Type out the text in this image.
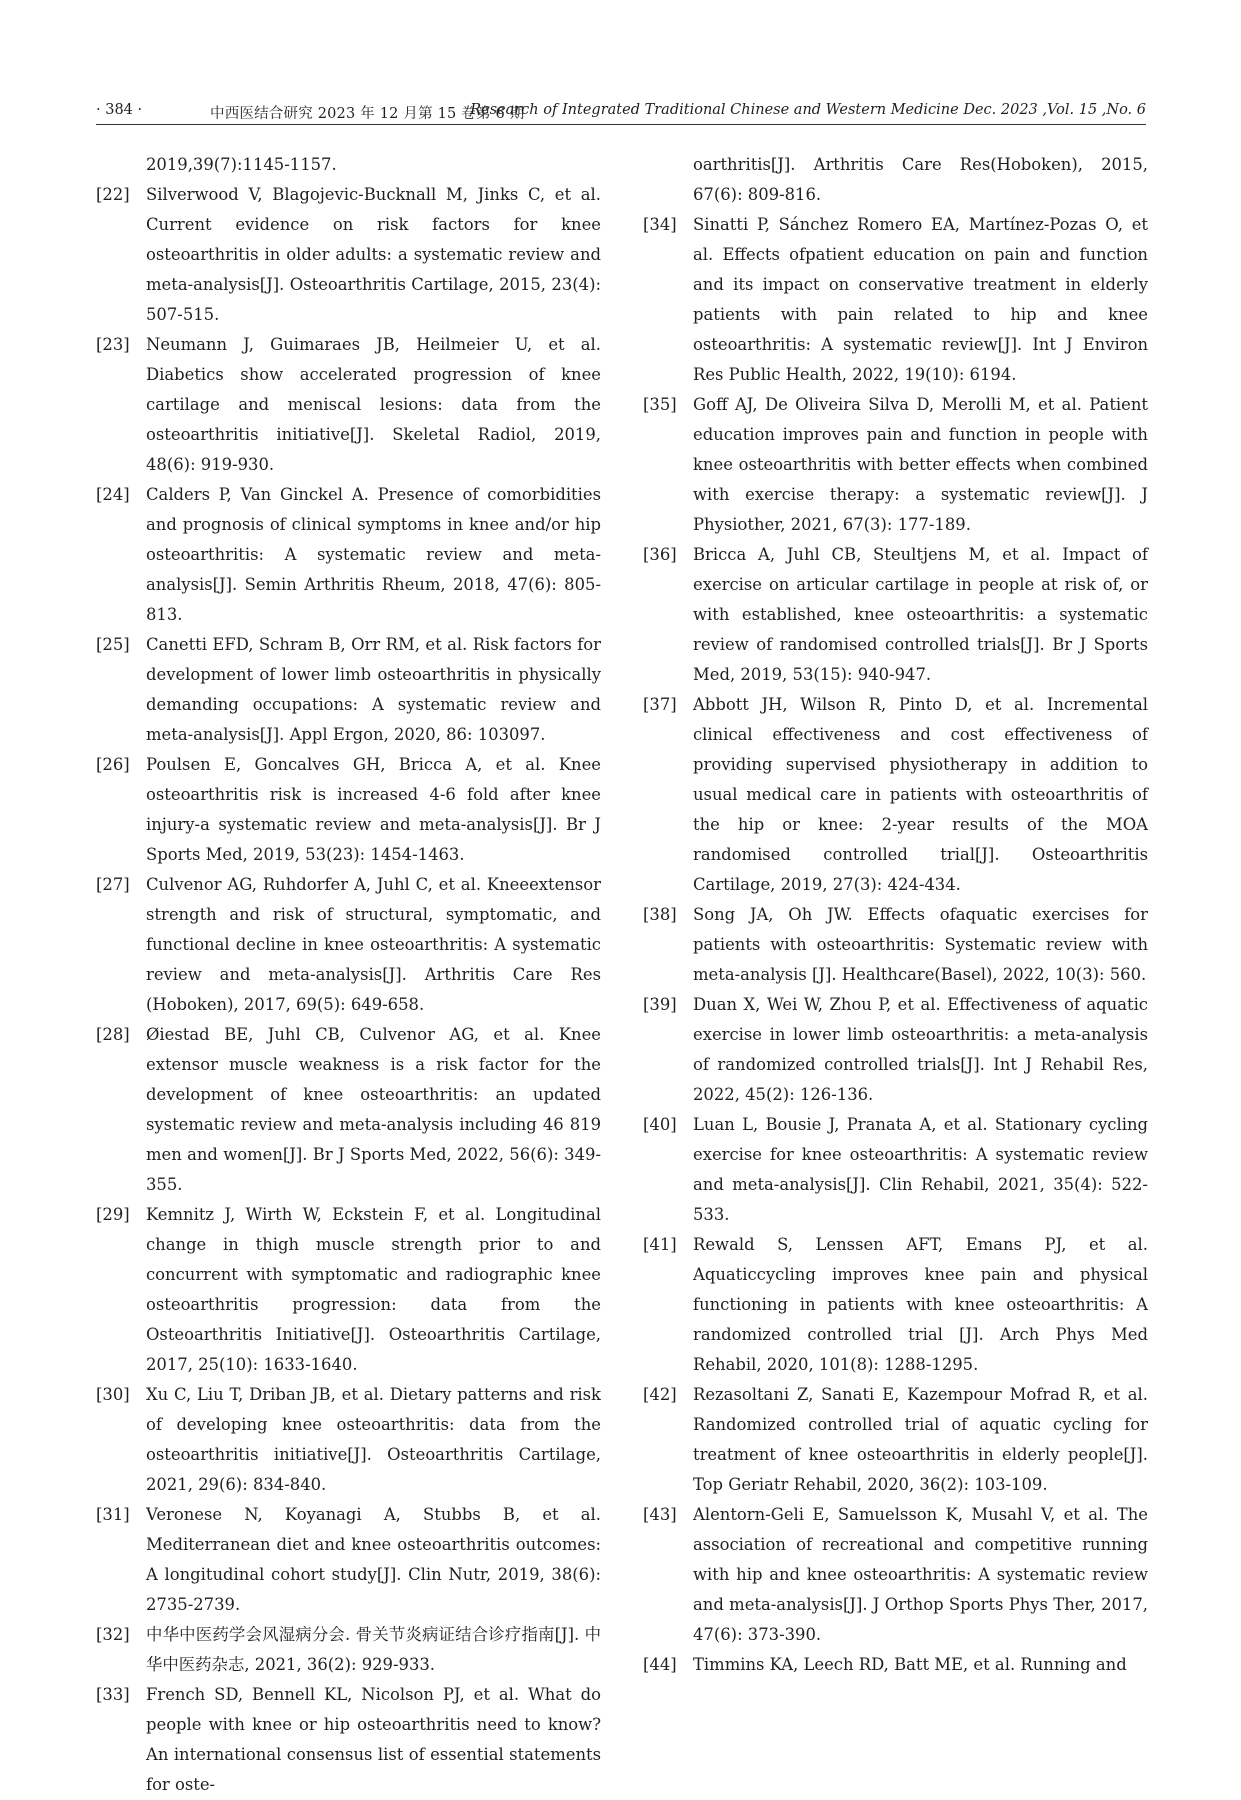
· 384 ·	中西医结合研究 2023 年 12 月第 15 卷第 6 期
Research of Integrated Traditional Chinese and Western Medicine Dec. 2023 ,Vol. 15 ,No. 6

2019,39(7):1145-1157.

[22] Silverwood V, Blagojevic-Bucknall M, Jinks C, et al. Current evidence on risk factors for knee osteoarthritis in older adults: a systematic review and meta-analysis[J]. Osteoarthritis Cartilage, 2015, 23(4): 507-515.

[23] Neumann J, Guimaraes JB, Heilmeier U, et al. Diabetics show accelerated progression of knee cartilage and meniscal lesions: data from the osteoarthritis initiative[J]. Skeletal Radiol, 2019, 48(6): 919-930.

[24] Calders P, Van Ginckel A. Presence of comorbidities and prognosis of clinical symptoms in knee and/or hip osteoarthritis: A systematic review and meta-analysis[J]. Semin Arthritis Rheum, 2018, 47(6): 805-813.

[25] Canetti EFD, Schram B, Orr RM, et al. Risk factors for development of lower limb osteoarthritis in physically demanding occupations: A systematic review and meta-analysis[J]. Appl Ergon, 2020, 86: 103097.

[26] Poulsen E, Goncalves GH, Bricca A, et al. Knee osteoarthritis risk is increased 4-6 fold after knee injury-a systematic review and meta-analysis[J]. Br J Sports Med, 2019, 53(23): 1454-1463.

[27] Culvenor AG, Ruhdorfer A, Juhl C, et al. Kneeextensor strength and risk of structural, symptomatic, and functional decline in knee osteoarthritis: A systematic review and meta-analysis[J]. Arthritis Care Res (Hoboken), 2017, 69(5): 649-658.

[28] Øiestad BE, Juhl CB, Culvenor AG, et al. Knee extensor muscle weakness is a risk factor for the development of knee osteoarthritis: an updated systematic review and meta-analysis including 46 819 men and women[J]. Br J Sports Med, 2022, 56(6): 349-355.

[29] Kemnitz J, Wirth W, Eckstein F, et al. Longitudinal change in thigh muscle strength prior to and concurrent with symptomatic and radiographic knee osteoarthritis progression: data from the Osteoarthritis Initiative[J]. Osteoarthritis Cartilage, 2017, 25(10): 1633-1640.

[30] Xu C, Liu T, Driban JB, et al. Dietary patterns and risk of developing knee osteoarthritis: data from the osteoarthritis initiative[J]. Osteoarthritis Cartilage, 2021, 29(6): 834-840.

[31] Veronese N, Koyanagi A, Stubbs B, et al. Mediterranean diet and knee osteoarthritis outcomes: A longitudinal cohort study[J]. Clin Nutr, 2019, 38(6): 2735-2739.

[32] 中华中医药学会风湿病分会. 骨关节炎病证结合诊疗指南[J]. 中华中医药杂志, 2021, 36(2): 929-933.

[33] French SD, Bennell KL, Nicolson PJ, et al. What do people with knee or hip osteoarthritis need to know? An international consensus list of essential statements for oste-

oarthritis[J]. Arthritis Care Res(Hoboken), 2015, 67(6): 809-816.

[34] Sinatti P, Sánchez Romero EA, Martínez-Pozas O, et al. Effects ofpatient education on pain and function and its impact on conservative treatment in elderly patients with pain related to hip and knee osteoarthritis: A systematic review[J]. Int J Environ Res Public Health, 2022, 19(10): 6194.

[35] Goff AJ, De Oliveira Silva D, Merolli M, et al. Patient education improves pain and function in people with knee osteoarthritis with better effects when combined with exercise therapy: a systematic review[J]. J Physiother, 2021, 67(3): 177-189.

[36] Bricca A, Juhl CB, Steultjens M, et al. Impact of exercise on articular cartilage in people at risk of, or with established, knee osteoarthritis: a systematic review of randomised controlled trials[J]. Br J Sports Med, 2019, 53(15): 940-947.

[37] Abbott JH, Wilson R, Pinto D, et al. Incremental clinical effectiveness and cost effectiveness of providing supervised physiotherapy in addition to usual medical care in patients with osteoarthritis of the hip or knee: 2-year results of the MOA randomised controlled trial[J]. Osteoarthritis Cartilage, 2019, 27(3): 424-434.

[38] Song JA, Oh JW. Effects ofaquatic exercises for patients with osteoarthritis: Systematic review with meta-analysis [J]. Healthcare(Basel), 2022, 10(3): 560.

[39] Duan X, Wei W, Zhou P, et al. Effectiveness of aquatic exercise in lower limb osteoarthritis: a meta-analysis of randomized controlled trials[J]. Int J Rehabil Res, 2022, 45(2): 126-136.

[40] Luan L, Bousie J, Pranata A, et al. Stationary cycling exercise for knee osteoarthritis: A systematic review and meta-analysis[J]. Clin Rehabil, 2021, 35(4): 522-533.

[41] Rewald S, Lenssen AFT, Emans PJ, et al. Aquaticcycling improves knee pain and physical functioning in patients with knee osteoarthritis: A randomized controlled trial [J]. Arch Phys Med Rehabil, 2020, 101(8): 1288-1295.

[42] Rezasoltani Z, Sanati E, Kazempour Mofrad R, et al. Randomized controlled trial of aquatic cycling for treatment of knee osteoarthritis in elderly people[J]. Top Geriatr Rehabil, 2020, 36(2): 103-109.

[43] Alentorn-Geli E, Samuelsson K, Musahl V, et al. The association of recreational and competitive running with hip and knee osteoarthritis: A systematic review and meta-analysis[J]. J Orthop Sports Phys Ther, 2017, 47(6): 373-390.

[44] Timmins KA, Leech RD, Batt ME, et al. Running and
